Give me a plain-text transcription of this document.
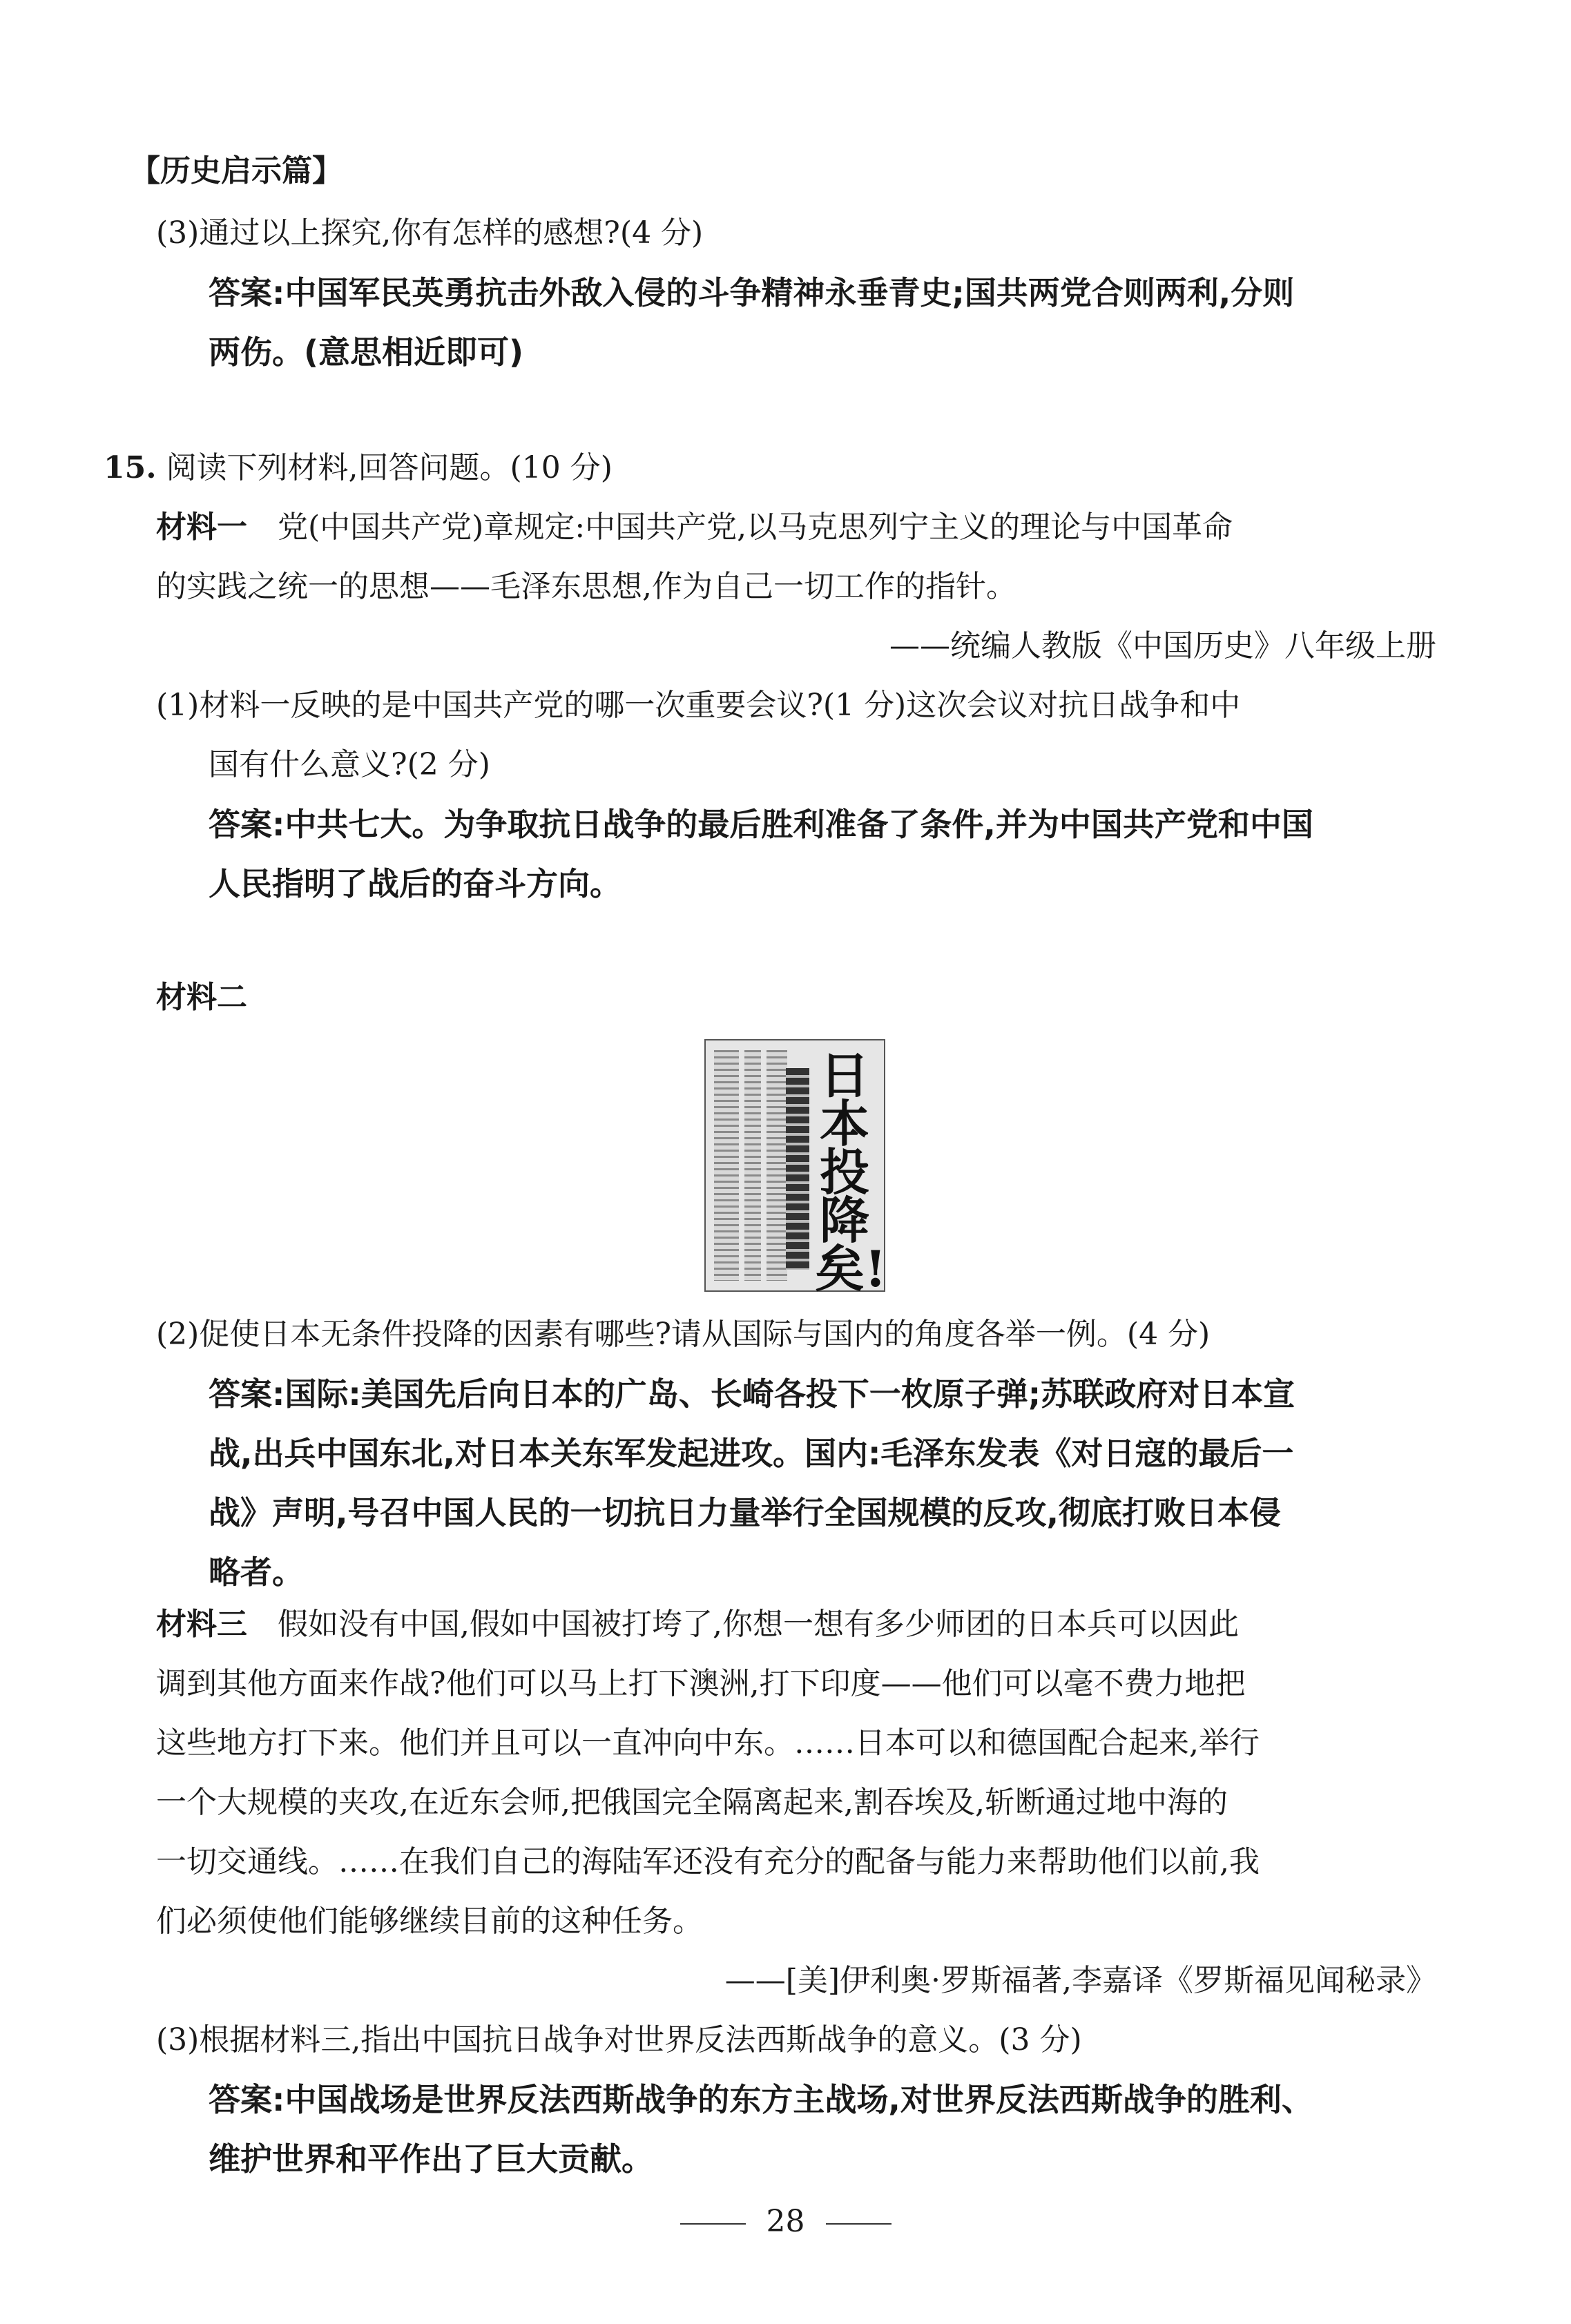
【历史启示篇】
(3)通过以上探究,你有怎样的感想?(4 分)
答案:中国军民英勇抗击外敌入侵的斗争精神永垂青史;国共两党合则两利,分则
两伤。(意思相近即可)
15. 阅读下列材料,回答问题。(10 分)
材料一 党(中国共产党)章规定:中国共产党,以马克思列宁主义的理论与中国革命
的实践之统一的思想——毛泽东思想,作为自己一切工作的指针。
——统编人教版《中国历史》八年级上册
(1)材料一反映的是中国共产党的哪一次重要会议?(1 分)这次会议对抗日战争和中
国有什么意义?(2 分)
答案:中共七大。为争取抗日战争的最后胜利准备了条件,并为中国共产党和中国
人民指明了战后的奋斗方向。
材料二
日本投降矣!
(2)促使日本无条件投降的因素有哪些?请从国际与国内的角度各举一例。(4 分)
答案:国际:美国先后向日本的广岛、长崎各投下一枚原子弹;苏联政府对日本宣
战,出兵中国东北,对日本关东军发起进攻。国内:毛泽东发表《对日寇的最后一
战》声明,号召中国人民的一切抗日力量举行全国规模的反攻,彻底打败日本侵
略者。
材料三 假如没有中国,假如中国被打垮了,你想一想有多少师团的日本兵可以因此
调到其他方面来作战?他们可以马上打下澳洲,打下印度——他们可以毫不费力地把
这些地方打下来。他们并且可以一直冲向中东。……日本可以和德国配合起来,举行
一个大规模的夹攻,在近东会师,把俄国完全隔离起来,割吞埃及,斩断通过地中海的
一切交通线。……在我们自己的海陆军还没有充分的配备与能力来帮助他们以前,我
们必须使他们能够继续目前的这种任务。
——[美]伊利奥·罗斯福著,李嘉译《罗斯福见闻秘录》
(3)根据材料三,指出中国抗日战争对世界反法西斯战争的意义。(3 分)
答案:中国战场是世界反法西斯战争的东方主战场,对世界反法西斯战争的胜利、
维护世界和平作出了巨大贡献。
28
